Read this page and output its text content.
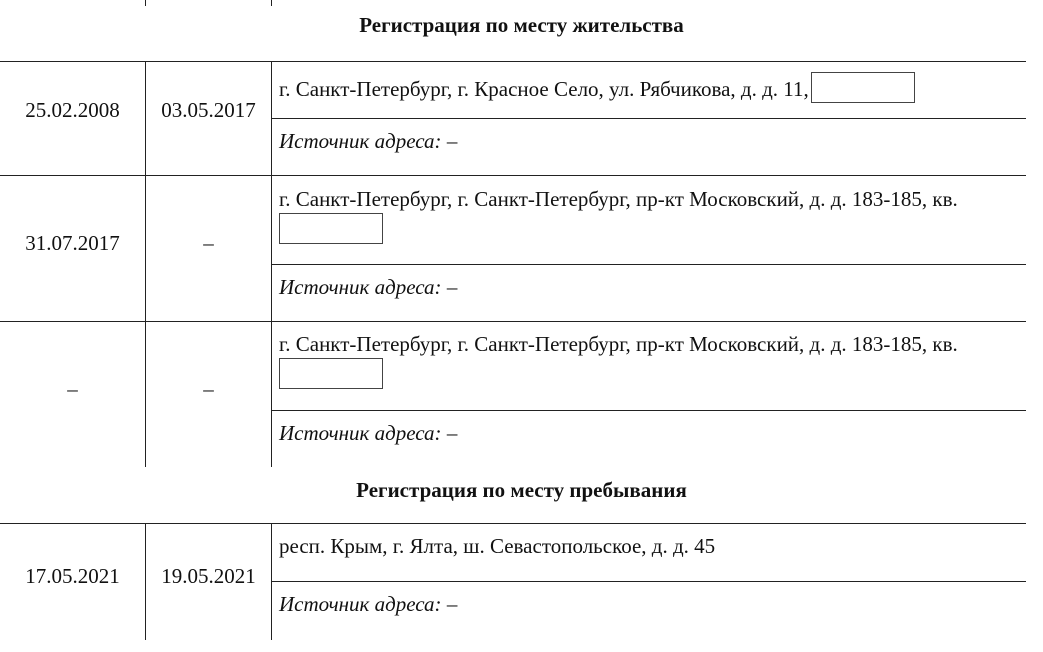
Регистрация по месту жительства
25.02.2008	03.05.2017
г. Санкт-Петербург, г. Красное Село, ул. Рябчикова, д. д. 11,
Источник адреса: –
31.07.2017	–
г. Санкт-Петербург, г. Санкт-Петербург, пр-кт Московский, д. д. 183-185, кв.
Источник адреса: –
–	–
г. Санкт-Петербург, г. Санкт-Петербург, пр-кт Московский, д. д. 183-185, кв.
Источник адреса: –
Регистрация по месту пребывания
17.05.2021	19.05.2021
респ. Крым, г. Ялта, ш. Севастопольское, д. д. 45
Источник адреса: –
